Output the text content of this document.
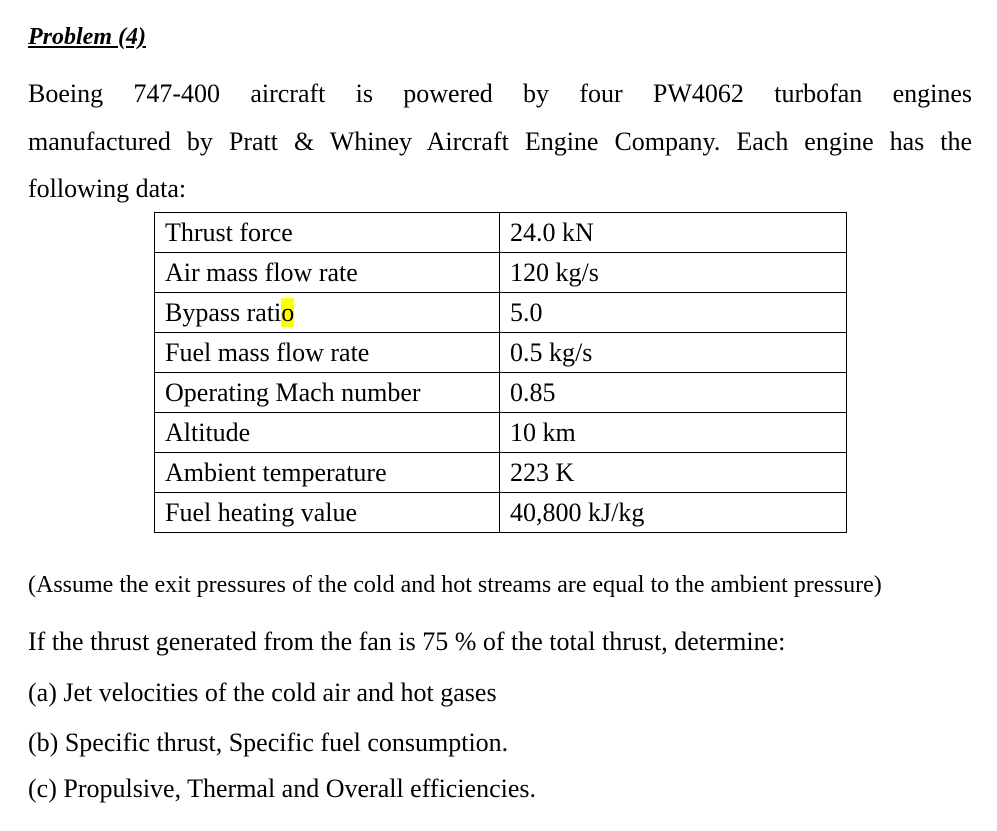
Problem (4)
Boeing 747-400 aircraft is powered by four PW4062 turbofan engines
manufactured by Pratt & Whiney Aircraft Engine Company. Each engine has the
following data:
Thrust force	24.0 kN
Air mass flow rate	120 kg/s
Bypass ratio	5.0
Fuel mass flow rate	0.5 kg/s
Operating Mach number	0.85
Altitude	10 km
Ambient temperature	223 K
Fuel heating value	40,800 kJ/kg
(Assume the exit pressures of the cold and hot streams are equal to the ambient pressure)
If the thrust generated from the fan is 75 % of the total thrust, determine:
(a) Jet velocities of the cold air and hot gases
(b) Specific thrust, Specific fuel consumption.
(c) Propulsive, Thermal and Overall efficiencies.
